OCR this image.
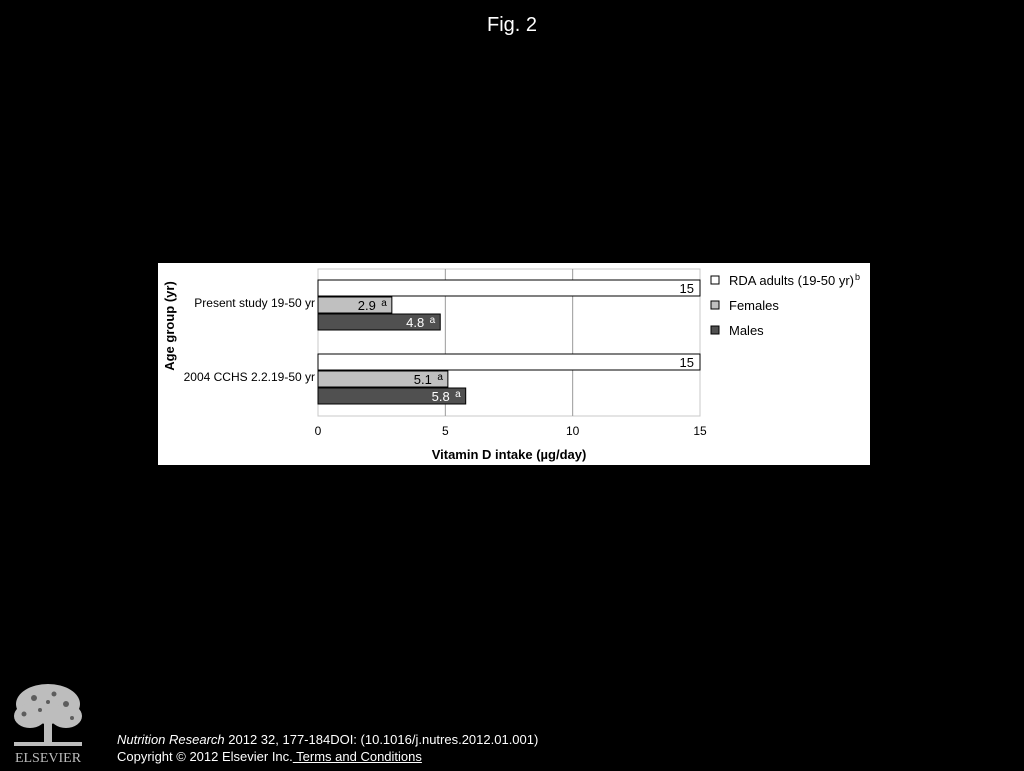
Fig. 2
0	5	10	15
Vitamin D intake (µg/day)
Age group (yr) Present study 19-50 yr
15
a
2.9
a
4.8
2004 CCHS 2.2.19-50 yr
15
a
5.1
a
5.8
RDA adults (19-50 yr) b
Females
Males
ELSEVIER
Nutrition Research 2012 32, 177-184DOI: (10.1016/j.nutres.2012.01.001)
Copyright © 2012 Elsevier Inc. Terms and Conditions
